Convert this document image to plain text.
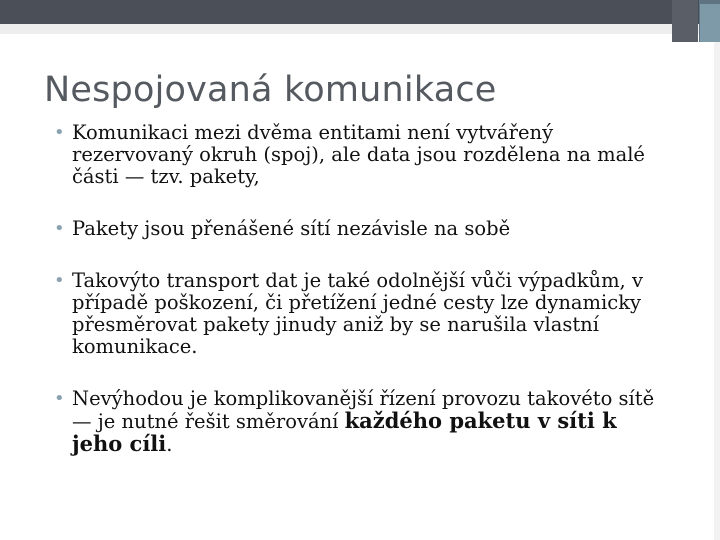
Nespojovaná komunikace
• Komunikaci mezi dvěma entitami není vytvářený rezervovaný okruh (spoj), ale data jsou rozdělena na malé části — tzv. pakety,
• Pakety jsou přenášené sítí nezávisle na sobě
• Takovýto transport dat je také odolnější vůči výpadkům, v případě poškození, či přetížení jedné cesty lze dynamicky přesměrovat pakety jinudy aniž by se narušila vlastní komunikace.
• Nevýhodou je komplikovanější řízení provozu takovéto sítě — je nutné řešit směrování každého paketu v síti k jeho cíli.
